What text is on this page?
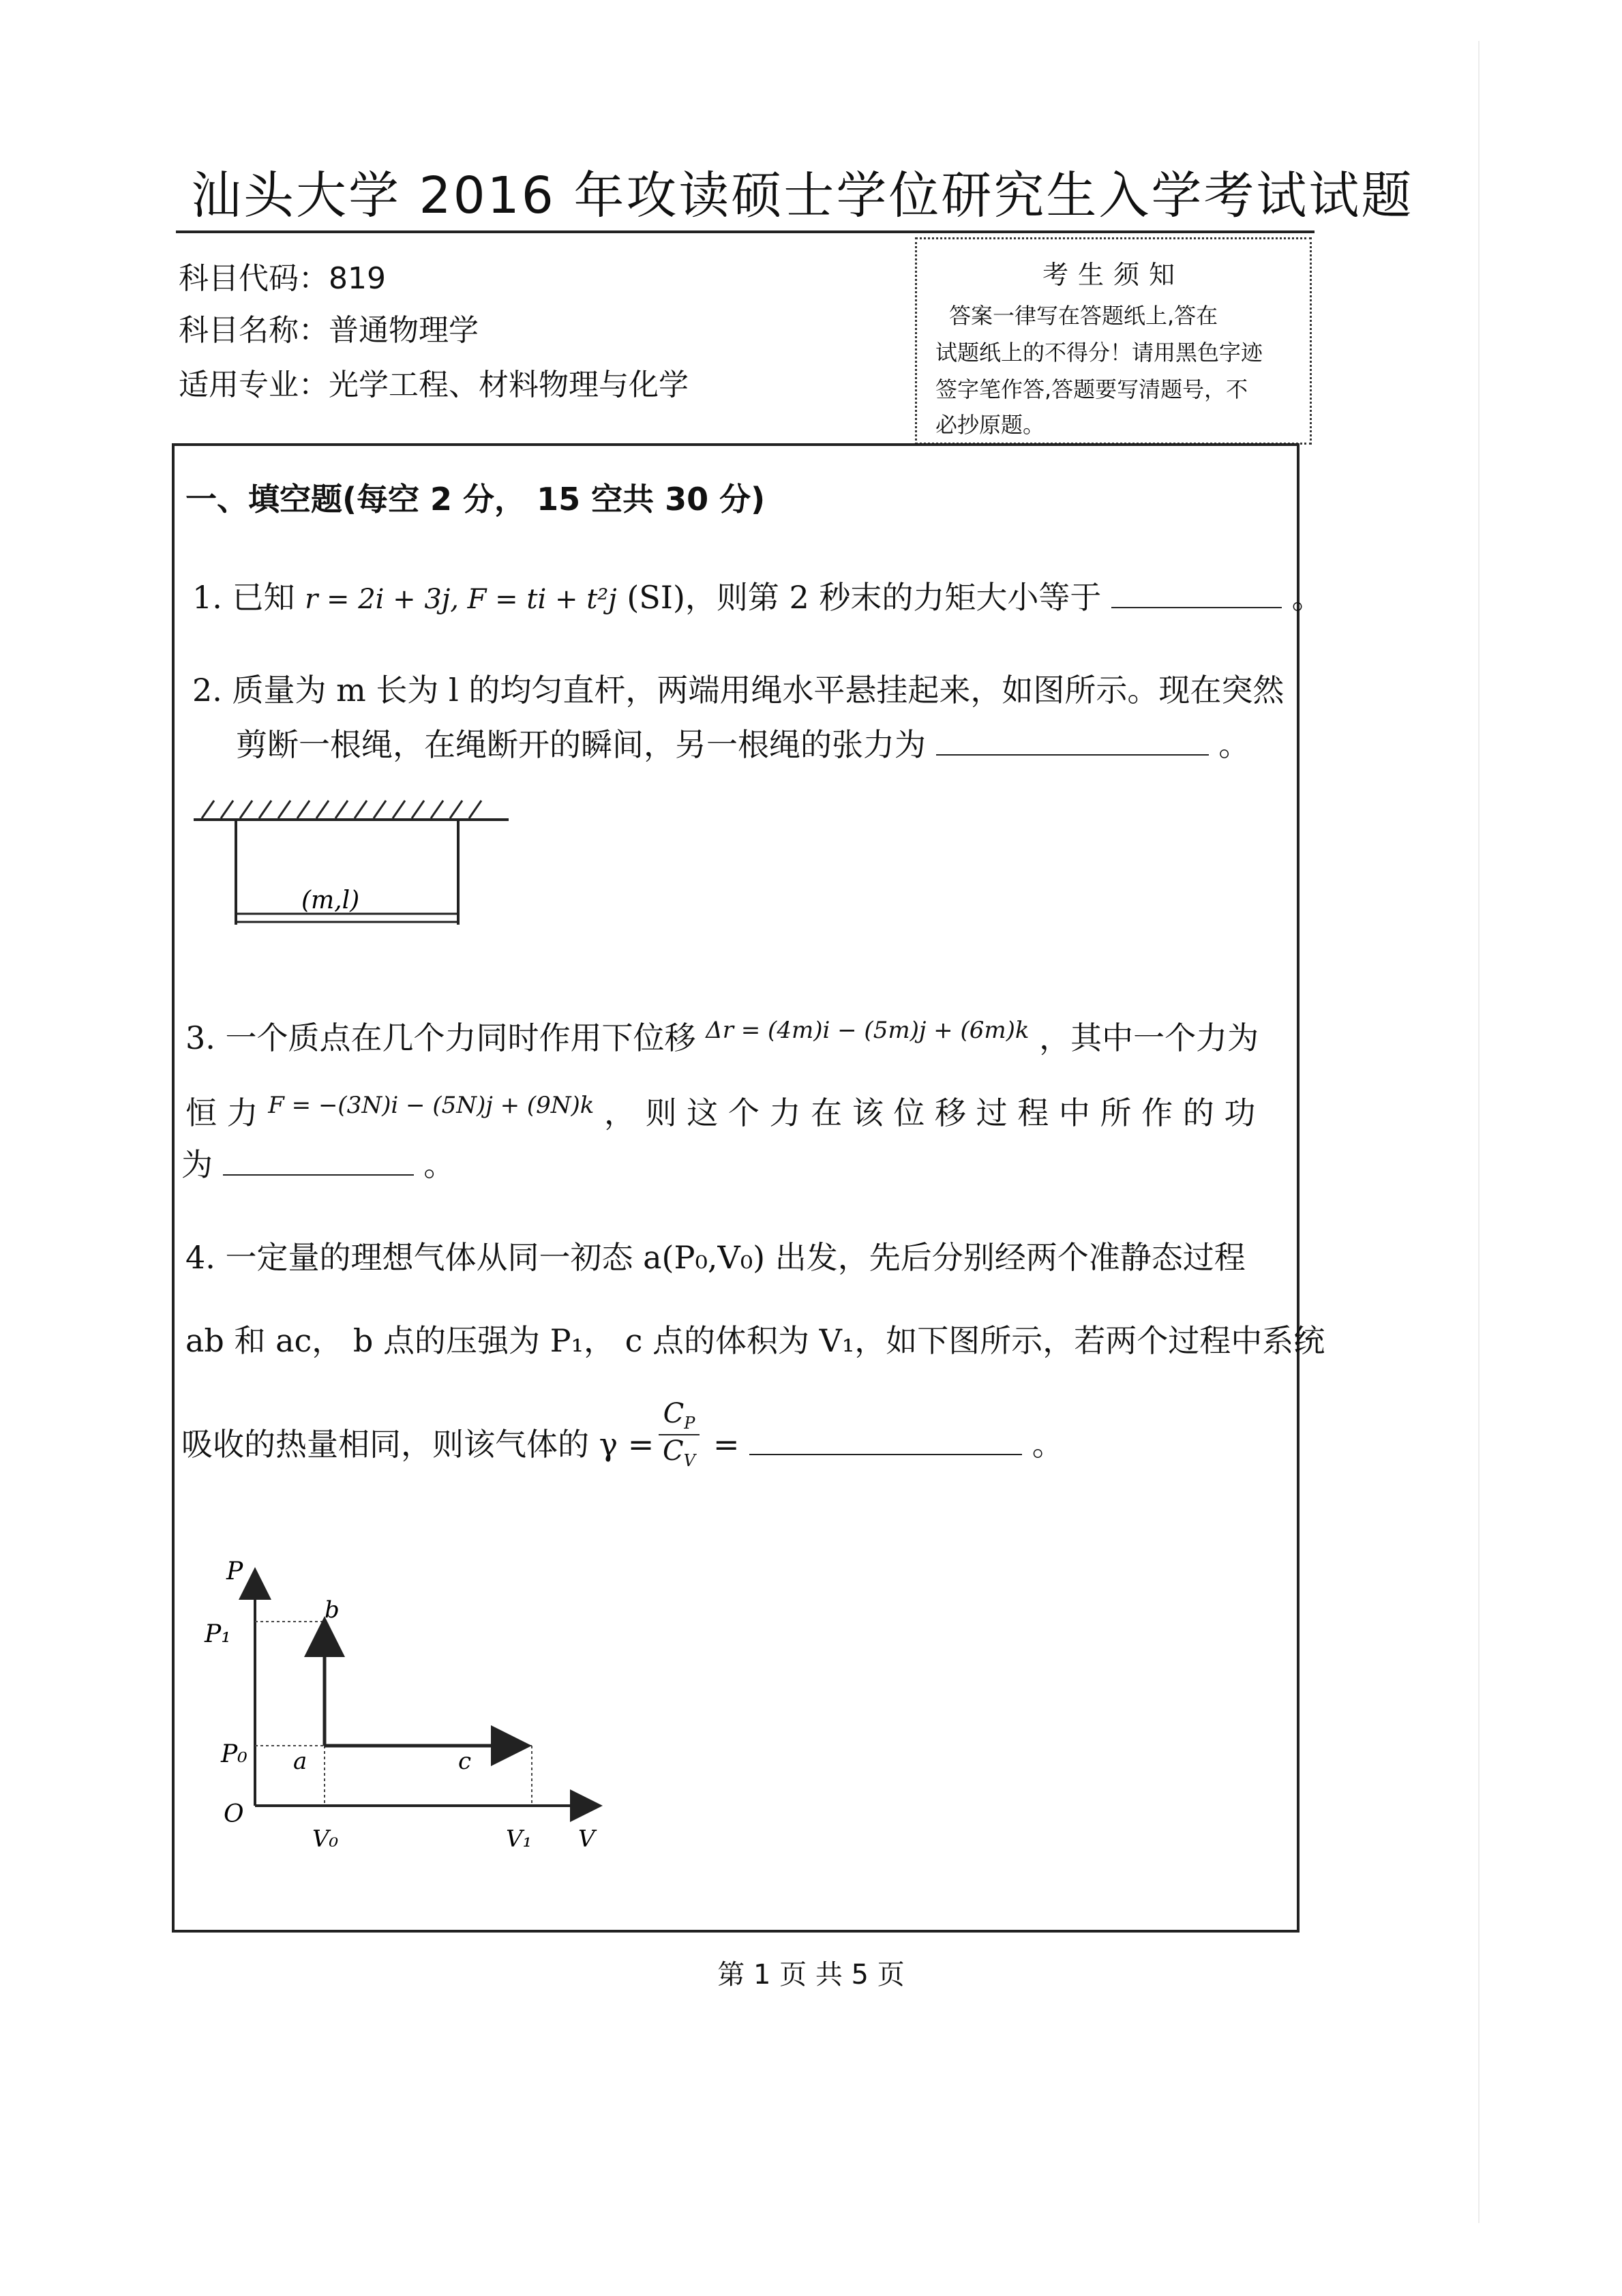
汕头大学 2016 年攻读硕士学位研究生入学考试试题
科目代码：819
科目名称：普通物理学
适用专业：光学工程、材料物理与化学
考生须知
答案一律写在答题纸上,答在
试题纸上的不得分！请用黑色字迹
签字笔作答,答题要写清题号，不
必抄原题。
一、填空题(每空 2 分， 15 空共 30 分)
1. 已知 r = 2i + 3j, F = ti + t²j (SI)，则第 2 秒末的力矩大小等于	。
2. 质量为 m 长为 l 的均匀直杆，两端用绳水平悬挂起来，如图所示。现在突然
剪断一根绳，在绳断开的瞬间，另一根绳的张力为	。
(m,l)
3. 一个质点在几个力同时作用下位移 $^{\Delta r = (4m)i - (5m)j + (6m)k}$ ，其中一个力为
恒 力 $^{F = -(3N)i - (5N)j + (9N)k}$ ， 则 这 个 力 在 该 位 移 过 程 中 所 作 的 功
为	。
4. 一定量的理想气体从同一初态 a(P₀,V₀) 出发，先后分别经两个准静态过程
ab 和 ac， b 点的压强为 P₁， c 点的体积为 V₁，如下图所示，若两个过程中系统
吸收的热量相同，则该气体的 $\gamma = \frac{C_P}{C_V}$ =	。
P
P₁
P₀
O
a
b
c
V₀	V₁ V
第 1 页 共 5 页
